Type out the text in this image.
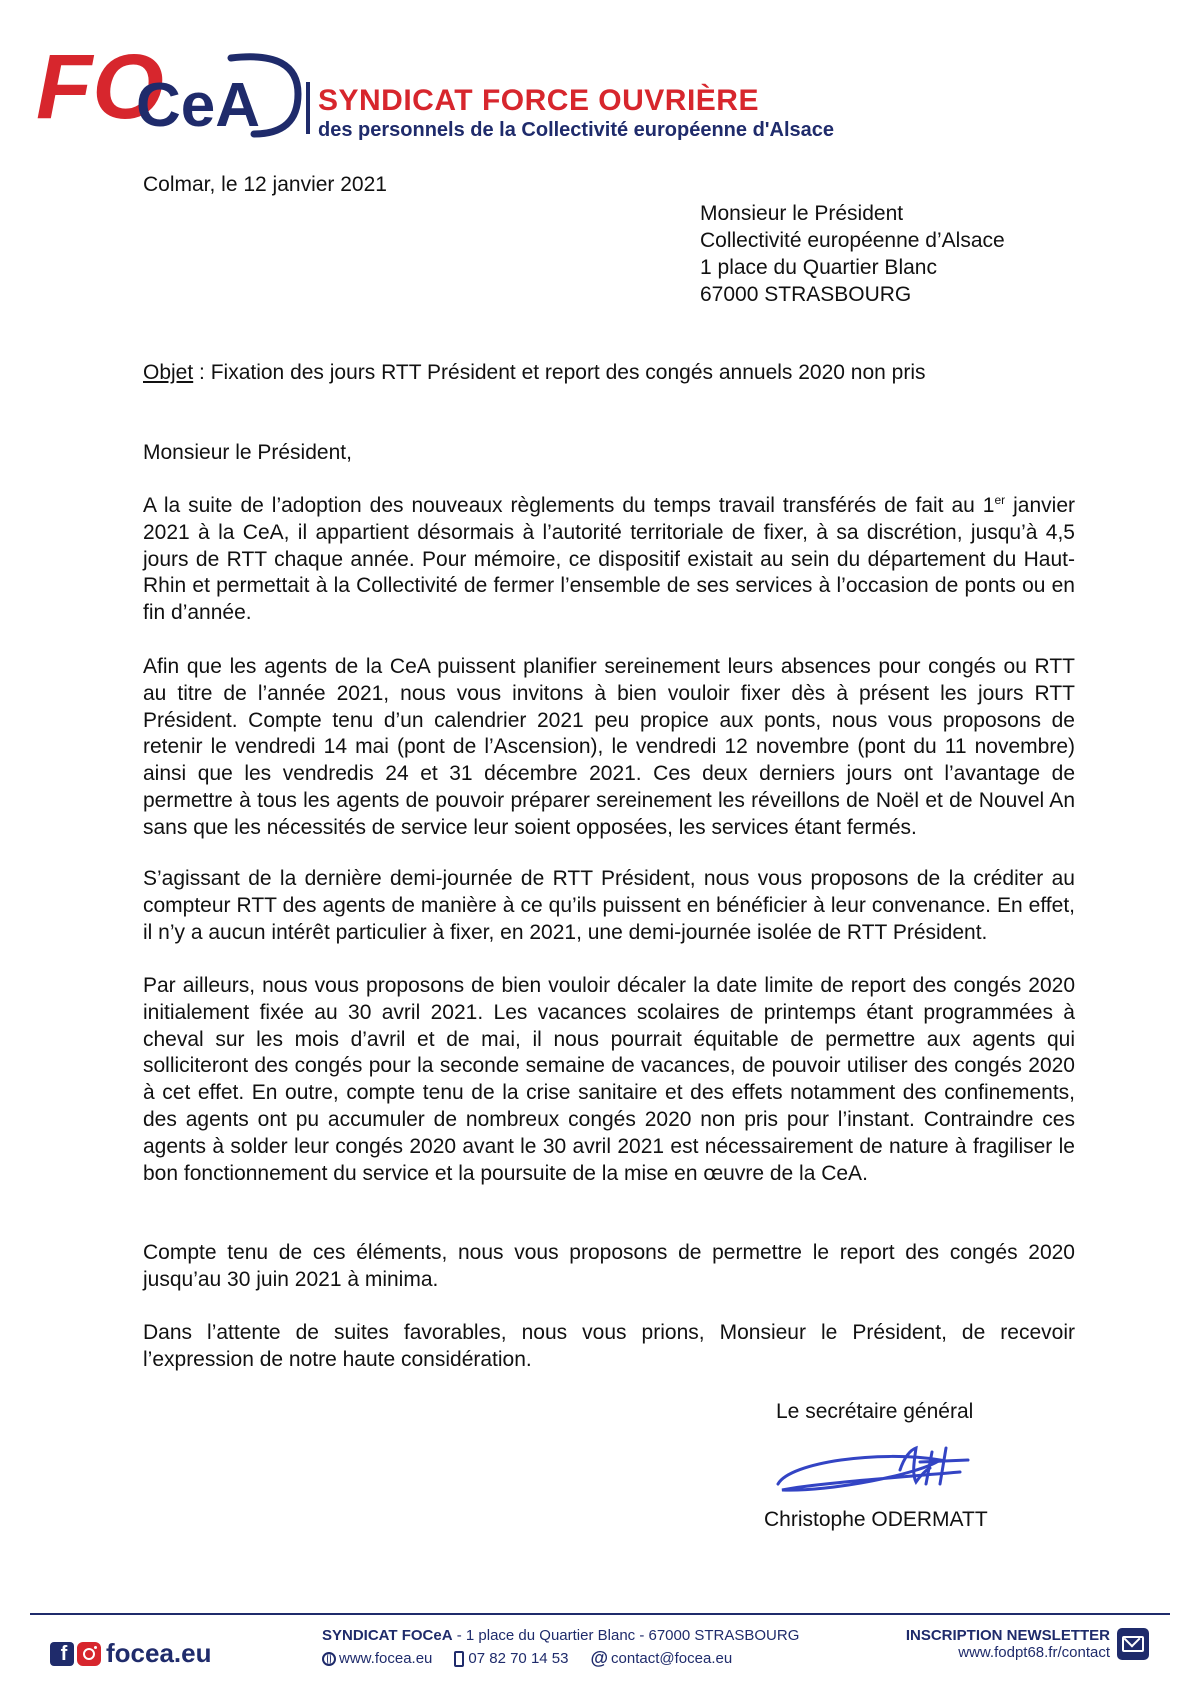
FO
CeA SYNDICAT FORCE OUVRIÈRE
des personnels de la Collectivité européenne d'Alsace
Colmar, le 12 janvier 2021
Monsieur le Président
Collectivité européenne d’Alsace
1 place du Quartier Blanc
67000 STRASBOURG
Objet : Fixation des jours RTT Président et report des congés annuels 2020 non pris
Monsieur le Président,

A la suite de l’adoption des nouveaux règlements du temps travail transférés de fait au 1er janvier 2021 à la CeA, il appartient désormais à l’autorité territoriale de fixer, à sa discrétion, jusqu’à 4,5 jours de RTT chaque année. Pour mémoire, ce dispositif existait au sein du département du Haut-Rhin et permettait à la Collectivité de fermer l’ensemble de ses services à l’occasion de ponts ou en fin d’année.

Afin que les agents de la CeA puissent planifier sereinement leurs absences pour congés ou RTT au titre de l’année 2021, nous vous invitons à bien vouloir fixer dès à présent les jours RTT Président. Compte tenu d’un calendrier 2021 peu propice aux ponts, nous vous proposons de retenir le vendredi 14 mai (pont de l’Ascension), le vendredi 12 novembre (pont du 11 novembre) ainsi que les vendredis 24 et 31 décembre 2021. Ces deux derniers jours ont l’avantage de permettre à tous les agents de pouvoir préparer sereinement les réveillons de Noël et de Nouvel An sans que les nécessités de service leur soient opposées, les services étant fermés.

S’agissant de la dernière demi-journée de RTT Président, nous vous proposons de la créditer au compteur RTT des agents de manière à ce qu’ils puissent en bénéficier à leur convenance. En effet, il n’y a aucun intérêt particulier à fixer, en 2021, une demi-journée isolée de RTT Président.

Par ailleurs, nous vous proposons de bien vouloir décaler la date limite de report des congés 2020 initialement fixée au 30 avril 2021. Les vacances scolaires de printemps étant programmées à cheval sur les mois d’avril et de mai, il nous pourrait équitable de permettre aux agents qui solliciteront des congés pour la seconde semaine de vacances, de pouvoir utiliser des congés 2020 à cet effet. En outre, compte tenu de la crise sanitaire et des effets notamment des confinements, des agents ont pu accumuler de nombreux congés 2020 non pris pour l’instant. Contraindre ces agents à solder leur congés 2020 avant le 30 avril 2021 est nécessairement de nature à fragiliser le bon fonctionnement du service et la poursuite de la mise en œuvre de la CeA.

Compte tenu de ces éléments, nous vous proposons de permettre le report des congés 2020 jusqu’au 30 juin 2021 à minima.

Dans l’attente de suites favorables, nous vous prions, Monsieur le Président, de recevoir l’expression de notre haute considération.

Le secrétaire général
Christophe ODERMATT
f focea.eu
SYNDICAT FOCeA - 1 place du Quartier Blanc - 67000 STRASBOURG
www.focea.eu 07 82 70 14 53 @ contact@focea.eu
INSCRIPTION NEWSLETTER
www.fodpt68.fr/contact
